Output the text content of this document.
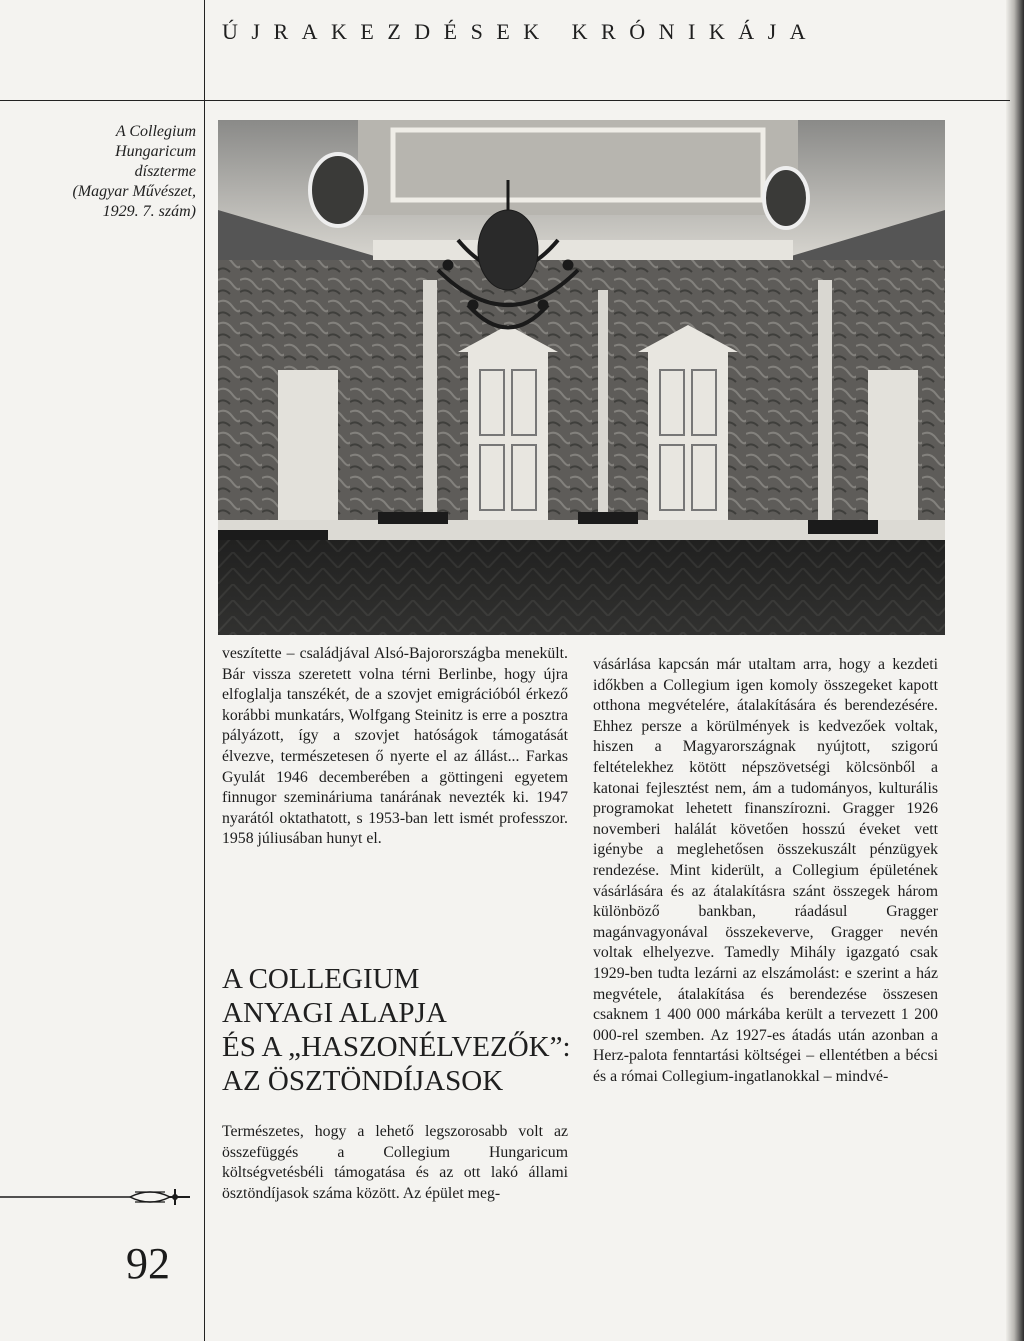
ÚJRAKEZDÉSEK KRÓNIKÁJA
A Collegium
Hungaricum
díszterme
(Magyar Művészet,
1929. 7. szám)
veszítette – családjával Alsó-Bajorországba menekült. Bár vissza szeretett volna térni Berlinbe, hogy újra elfoglalja tanszékét, de a szovjet emigrációból érkező korábbi munkatárs, Wolfgang Steinitz is erre a posztra pályázott, így a szovjet hatóságok támogatását élvezve, természetesen ő nyerte el az állást... Farkas Gyulát 1946 decemberében a göttingeni egyetem finnugor szemináriuma tanárának nevezték ki. 1947 nyarától oktathatott, s 1953-ban lett ismét professzor. 1958 júliusában hunyt el.
A COLLEGIUM
ANYAGI ALAPJA
ÉS A „HASZONÉLVEZŐK”:
AZ ÖSZTÖNDÍJASOK
Természetes, hogy a lehető legszorosabb volt az összefüggés a Collegium Hungaricum költségvetésbéli támogatása és az ott lakó állami ösztöndíjasok száma között. Az épület meg-
vásárlása kapcsán már utaltam arra, hogy a kezdeti időkben a Collegium igen komoly összegeket kapott otthona megvételére, átalakítására és berendezésére. Ehhez persze a körülmények is kedvezőek voltak, hiszen a Magyarországnak nyújtott, szigorú feltételekhez kötött népszövetségi kölcsönből a katonai fejlesztést nem, ám a tudományos, kulturális programokat lehetett finanszírozni. Gragger 1926 novemberi halálát követően hosszú éveket vett igénybe a meglehetősen összekuszált pénzügyek rendezése. Mint kiderült, a Collegium épületének vásárlására és az átalakításra szánt összegek három különböző bankban, ráadásul Gragger magánvagyonával összekeverve, Gragger nevén voltak elhelyezve. Tamedly Mihály igazgató csak 1929-ben tudta lezárni az elszámolást: e szerint a ház megvétele, átalakítása és berendezése összesen csaknem 1 400 000 márkába került a tervezett 1 200 000-rel szemben. Az 1927-es átadás után azonban a Herz-palota fenntartási költségei – ellentétben a bécsi és a római Collegium-ingatlanokkal – mindvé-
92
